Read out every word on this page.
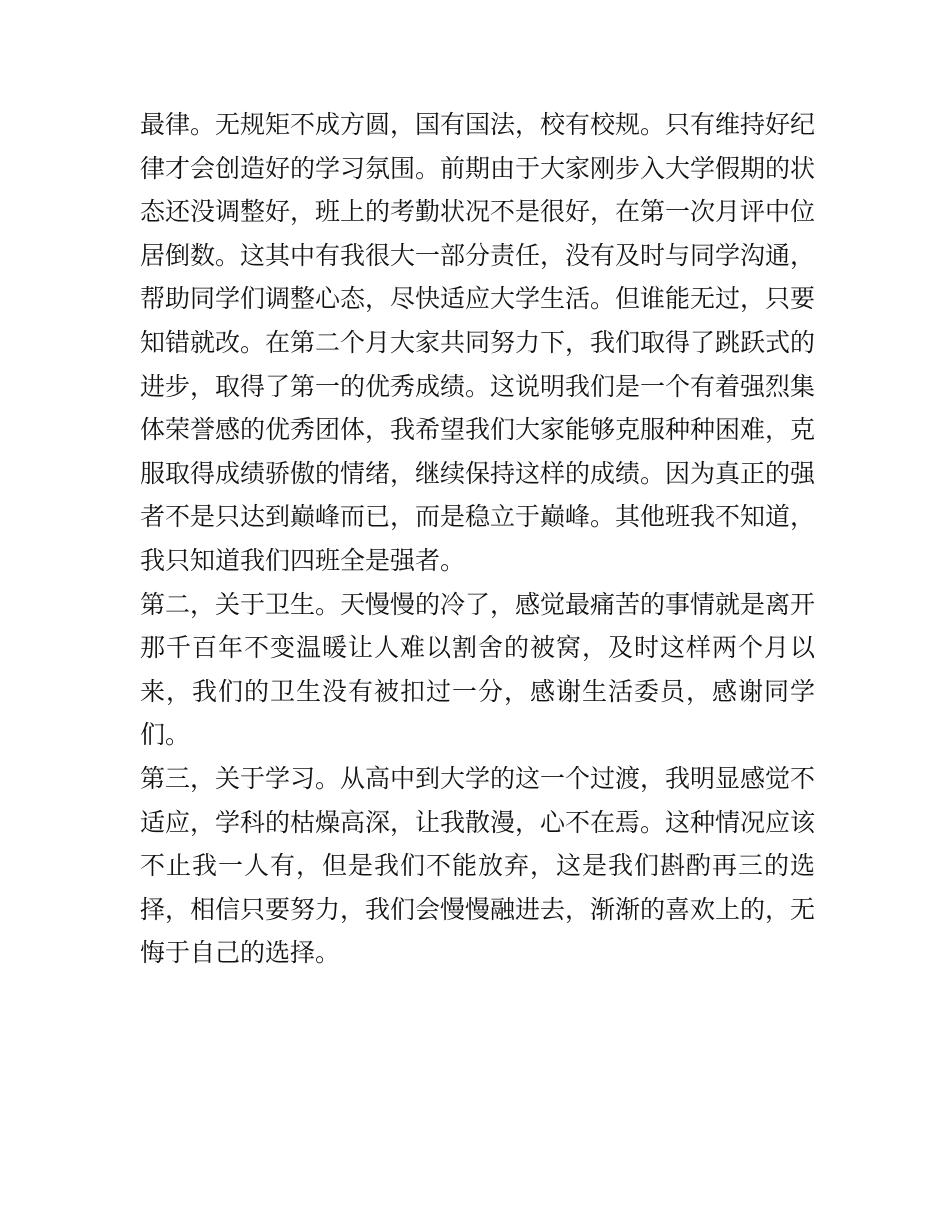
最律。无规矩不成方圆，国有国法，校有校规。只有维持好纪律才会创造好的学习氛围。前期由于大家刚步入大学假期的状态还没调整好，班上的考勤状况不是很好，在第一次月评中位居倒数。这其中有我很大一部分责任，没有及时与同学沟通，帮助同学们调整心态，尽快适应大学生活。但谁能无过，只要知错就改。在第二个月大家共同努力下，我们取得了跳跃式的进步，取得了第一的优秀成绩。这说明我们是一个有着强烈集体荣誉感的优秀团体，我希望我们大家能够克服种种困难，克服取得成绩骄傲的情绪，继续保持这样的成绩。因为真正的强者不是只达到巅峰而已，而是稳立于巅峰。其他班我不知道，我只知道我们四班全是强者。

第二，关于卫生。天慢慢的冷了，感觉最痛苦的事情就是离开那千百年不变温暖让人难以割舍的被窝，及时这样两个月以来，我们的卫生没有被扣过一分，感谢生活委员，感谢同学们。

第三，关于学习。从高中到大学的这一个过渡，我明显感觉不适应，学科的枯燥高深，让我散漫，心不在焉。这种情况应该不止我一人有，但是我们不能放弃，这是我们斟酌再三的选择，相信只要努力，我们会慢慢融进去，渐渐的喜欢上的，无悔于自己的选择。
